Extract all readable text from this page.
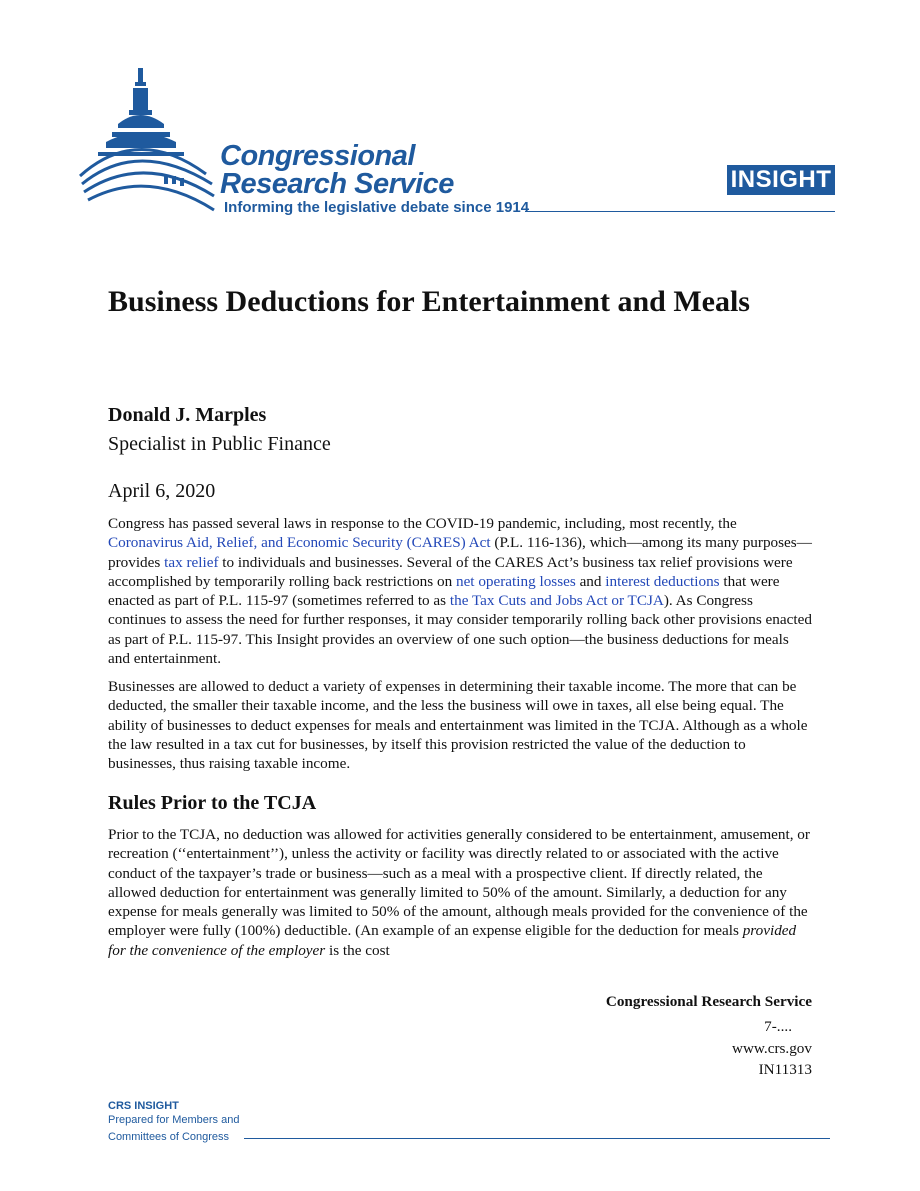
Congressional
Research Service
Informing the legislative debate since 1914
INSIGHT
Business Deductions for Entertainment and Meals
Donald J. Marples
Specialist in Public Finance
April 6, 2020
Congress has passed several laws in response to the COVID-19 pandemic, including, most recently, the Coronavirus Aid, Relief, and Economic Security (CARES) Act (P.L. 116-136), which—among its many purposes—provides tax relief to individuals and businesses. Several of the CARES Act’s business tax relief provisions were accomplished by temporarily rolling back restrictions on net operating losses and interest deductions that were enacted as part of P.L. 115-97 (sometimes referred to as the Tax Cuts and Jobs Act or TCJA). As Congress continues to assess the need for further responses, it may consider temporarily rolling back other provisions enacted as part of P.L. 115-97. This Insight provides an overview of one such option—the business deductions for meals and entertainment.
Businesses are allowed to deduct a variety of expenses in determining their taxable income. The more that can be deducted, the smaller their taxable income, and the less the business will owe in taxes, all else being equal. The ability of businesses to deduct expenses for meals and entertainment was limited in the TCJA. Although as a whole the law resulted in a tax cut for businesses, by itself this provision restricted the value of the deduction to businesses, thus raising taxable income.
Rules Prior to the TCJA
Prior to the TCJA, no deduction was allowed for activities generally considered to be entertainment, amusement, or recreation (‘‘entertainment’’), unless the activity or facility was directly related to or associated with the active conduct of the taxpayer’s trade or business—such as a meal with a prospective client. If directly related, the allowed deduction for entertainment was generally limited to 50% of the amount. Similarly, a deduction for any expense for meals generally was limited to 50% of the amount, although meals provided for the convenience of the employer were fully (100%) deductible. (An example of an expense eligible for the deduction for meals provided for the convenience of the employer is the cost
Congressional Research Service
7-....
www.crs.gov
IN11313
CRS INSIGHT
Prepared for Members and
Committees of Congress
